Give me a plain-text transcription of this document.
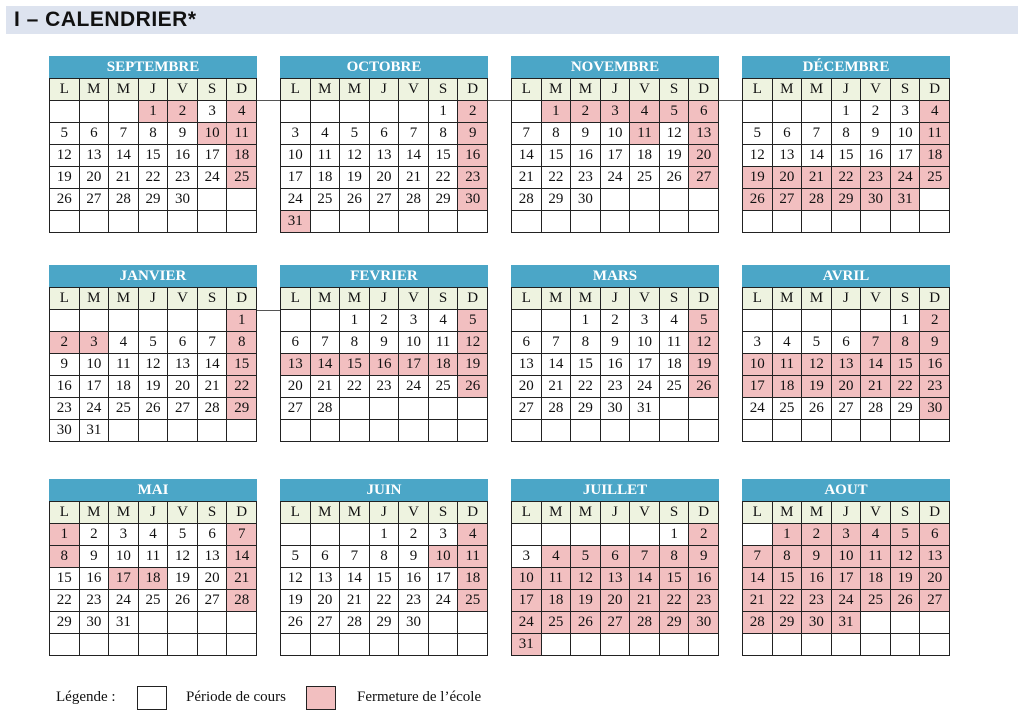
I – CALENDRIER*
SEPTEMBRE
L	M	M	J	V	S	D
			1	2	3	4
5	6	7	8	9	10	11
12	13	14	15	16	17	18
19	20	21	22	23	24	25
26	27	28	29	30		

OCTOBRE
L	M	M	J	V	S	D
					1	2
3	4	5	6	7	8	9
10	11	12	13	14	15	16
17	18	19	20	21	22	23
24	25	26	27	28	29	30
31						
NOVEMBRE
L	M	M	J	V	S	D
	1	2	3	4	5	6
7	8	9	10	11	12	13
14	15	16	17	18	19	20
21	22	23	24	25	26	27
28	29	30				

DÉCEMBRE
L	M	M	J	V	S	D
			1	2	3	4
5	6	7	8	9	10	11
12	13	14	15	16	17	18
19	20	21	22	23	24	25
26	27	28	29	30	31	

JANVIER
L	M	M	J	V	S	D
						1
2	3	4	5	6	7	8
9	10	11	12	13	14	15
16	17	18	19	20	21	22
23	24	25	26	27	28	29
30	31					
FEVRIER
L	M	M	J	V	S	D
		1	2	3	4	5
6	7	8	9	10	11	12
13	14	15	16	17	18	19
20	21	22	23	24	25	26
27	28					

MARS
L	M	M	J	V	S	D
		1	2	3	4	5
6	7	8	9	10	11	12
13	14	15	16	17	18	19
20	21	22	23	24	25	26
27	28	29	30	31		

AVRIL
L	M	M	J	V	S	D
					1	2
3	4	5	6	7	8	9
10	11	12	13	14	15	16
17	18	19	20	21	22	23
24	25	26	27	28	29	30

MAI
L	M	M	J	V	S	D
1	2	3	4	5	6	7
8	9	10	11	12	13	14
15	16	17	18	19	20	21
22	23	24	25	26	27	28
29	30	31				

JUIN
L	M	M	J	V	S	D
			1	2	3	4
5	6	7	8	9	10	11
12	13	14	15	16	17	18
19	20	21	22	23	24	25
26	27	28	29	30		

JUILLET
L	M	M	J	V	S	D
					1	2
3	4	5	6	7	8	9
10	11	12	13	14	15	16
17	18	19	20	21	22	23
24	25	26	27	28	29	30
31						
AOUT
L	M	M	J	V	S	D
	1	2	3	4	5	6
7	8	9	10	11	12	13
14	15	16	17	18	19	20
21	22	23	24	25	26	27
28	29	30	31			

Légende :	Période de cours	Fermeture de l’école
